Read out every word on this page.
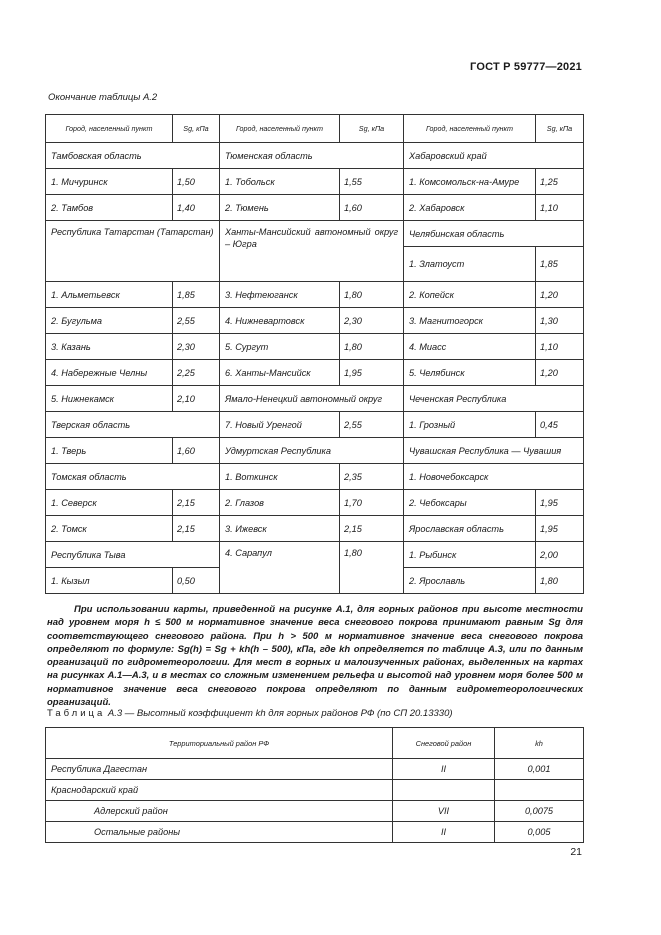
ГОСТ Р 59777—2021
Окончание таблицы А.2
Город, населенный пункт	Sg, кПа	Город, населенный пункт	Sg, кПа	Город, населенный пункт	Sg, кПа
Тамбовская область		Тюменская область		Хабаровский край	
1. Мичуринск	1,50	1. Тобольск	1,55	1. Комсомольск-на-Амуре	1,25
2. Тамбов	1,40	2. Тюмень	1,60	2. Хабаровск	1,10

Республика Татарстан (Татарстан)		Ханты-Мансийский автономный округ – Югра		Челябинская область	
				1. Златоуст	1,85
1. Альметьевск	1,85	3. Нефтеюганск	1,80	2. Копейск	1,20
2. Бугульма	2,55	4. Нижневартовск	2,30	3. Магнитогорск	1,30
3. Казань	2,30	5. Сургут	1,80	4. Миасс	1,10
4. Набережные Челны	2,25	6. Ханты-Мансийск	1,95	5. Челябинск	1,20
5. Нижнекамск	2,10	Ямало-Ненецкий автономный округ		Чеченская Республика	
Тверская область		7. Новый Уренгой	2,55	1. Грозный	0,45
1. Тверь	1,60	Удмуртская Республика		Чувашская Республика — Чувашия	
Томская область		1. Воткинск	2,35	1. Новочебоксарск	
1. Северск	2,15	2. Глазов	1,70	2. Чебоксары	1,95
2. Томск	2,15	3. Ижевск	2,15	Ярославская область	1,95
Республика Тыва		4. Сарапул	1,80	1. Рыбинск	2,00
1. Кызыл	0,50			2. Ярославль	1,80
При использовании карты, приведенной на рисунке А.1, для горных районов при высоте местности над уровнем моря h ≤ 500 м нормативное значение веса снегового покрова принимают равным Sg для соответствующего снегового района. При h > 500 м нормативное значение веса снегового покрова определяют по формуле: Sg(h) = Sg + kh(h – 500), кПа, где kh определяется по таблице А.3, или по данным организаций по гидрометеорологии. Для мест в горных и малоизученных районах, выделенных на картах на рисунках А.1—А.3, и в местах со сложным изменением рельефа и высотой над уровнем моря более 500 м нормативное значение веса снегового покрова определяют по данным гидрометеорологических организаций.
Таблица А.3 — Высотный коэффициент kh для горных районов РФ (по СП 20.13330)
Территориальный район РФ	Снеговой район	kh
Республика Дагестан	II	0,001
Краснодарский край		
Адлерский район	VII	0,0075
Остальные районы	II	0,005
21
